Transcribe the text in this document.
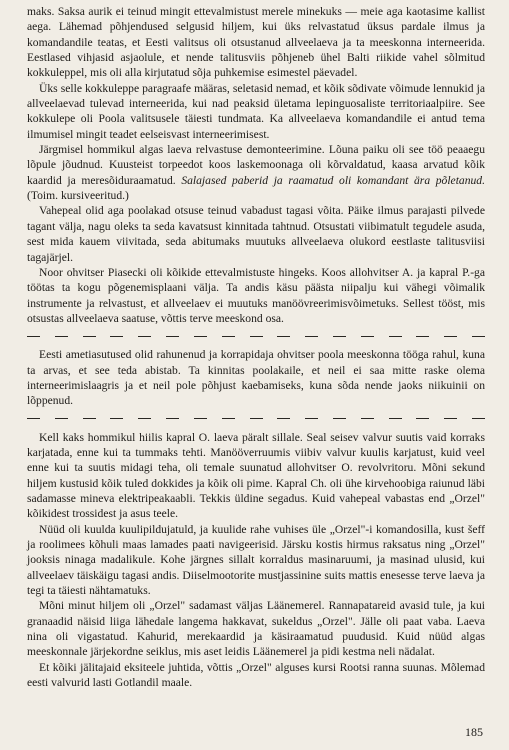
maks. Saksa aurik ei teinud mingit ettevalmistust merele minekuks — meie aga kaotasime kallist aega. Lähemad põhjendused selgusid hiljem, kui üks relvastatud üksus pardale ilmus ja komandandile teatas, et Eesti valitsus oli otsustanud allveelaeva ja ta meeskonna interneerida. Eestlased vihjasid asjaolule, et nende talitusviis põhjeneb ühel Balti riikide vahel sõlmitud kokkuleppel, mis oli alla kirjutatud sõja puhkemise esimestel päevadel.

Üks selle kokkuleppe paragraafe määras, seletasid nemad, et kõik sõdivate võimude lennukid ja allveelaevad tulevad interneerida, kui nad peaksid ületama lepinguosaliste territoriaalpiire. See kokkulepe oli Poola valitsusele täiesti tundmata. Ka allveelaeva komandandile ei antud tema ilmumisel mingit teadet eelseisvast interneerimisest.

Järgmisel hommikul algas laeva relvastuse demonteerimine. Lõuna paiku oli see töö peaaegu lõpule jõudnud. Kuusteist torpeedot koos laskemoonaga oli kõrvaldatud, kaasa arvatud kõik kaardid ja meresõiduraamatud. Salajased paberid ja raamatud oli komandant ära põletanud. (Toim. kursiveeritud.)

Vahepeal olid aga poolakad otsuse teinud vabadust tagasi võita. Päike ilmus parajasti pilvede tagant välja, nagu oleks ta seda kavatsust kinnitada tahtnud. Otsustati viibimatult tegudele asuda, sest mida kauem viivitada, seda abitumaks muutuks allveelaeva olukord eestlaste talitusviisi tagajärjel.

Noor ohvitser Piasecki oli kõikide ettevalmistuste hingeks. Koos allohvitser A. ja kapral P.-ga töötas ta kogu põgenemisplaani välja. Ta andis käsu päästa niipalju kui vähegi võimalik instrumente ja relvastust, et allveelaev ei muutuks manöövreerimisvõimetuks. Sellest tööst, mis otsustas allveelaeva saatuse, võttis terve meeskond osa.

Eesti ametiasutused olid rahunenud ja korrapidaja ohvitser poola meeskonna tööga rahul, kuna ta arvas, et see teda abistab. Ta kinnitas poolakaile, et neil ei saa mitte raske olema interneerimislaagris ja et neil pole põhjust kaebamiseks, kuna sõda nende jaoks niikuinii on lõppenud.

Kell kaks hommikul hiilis kapral O. laeva päralt sillale. Seal seisev valvur suutis vaid korraks karjatada, enne kui ta tummaks tehti. Manööverruumis viibiv valvur kuulis karjatust, kuid veel enne kui ta suutis midagi teha, oli temale suunatud allohvitser O. revolvritoru. Mõni sekund hiljem kustusid kõik tuled dokkides ja kõik oli pime. Kapral Ch. oli ühe kirvehoobiga raiunud läbi sadamasse mineva elektripeakaabli. Tekkis üldine segadus. Kuid vahepeal vabastas end „Orzel" kõikidest trossidest ja asus teele.

Nüüd oli kuulda kuulipildujatuld, ja kuulide rahe vuhises üle „Orzel"-i komandosilla, kust šeff ja roolimees kõhuli maas lamades paati navigeerisid. Järsku kostis hirmus raksatus ning „Orzel" jooksis ninaga madalikule. Kohe järgnes sillalt korraldus masinaruumi, ja masinad ulusid, kui allveelaev täiskäigu tagasi andis. Diiselmootorite mustjassinine suits mattis enesesse terve laeva ja tegi ta täiesti nähtamatuks.

Mõni minut hiljem oli „Orzel" sadamast väljas Läänemerel. Rannapatareid avasid tule, ja kui granaadid näisid liiga lähedale langema hakkavat, sukeldus „Orzel". Jälle oli paat vaba. Laeva nina oli vigastatud. Kahurid, merekaardid ja käsiraamatud puudusid. Kuid nüüd algas meeskonnale järjekordne seiklus, mis aset leidis Läänemerel ja pidi kestma neli nädalat.

Et kõiki jälitajaid eksiteele juhtida, võttis „Orzel" alguses kursi Rootsi ranna suunas. Mõlemad eesti valvurid lasti Gotlandil maale.

185
